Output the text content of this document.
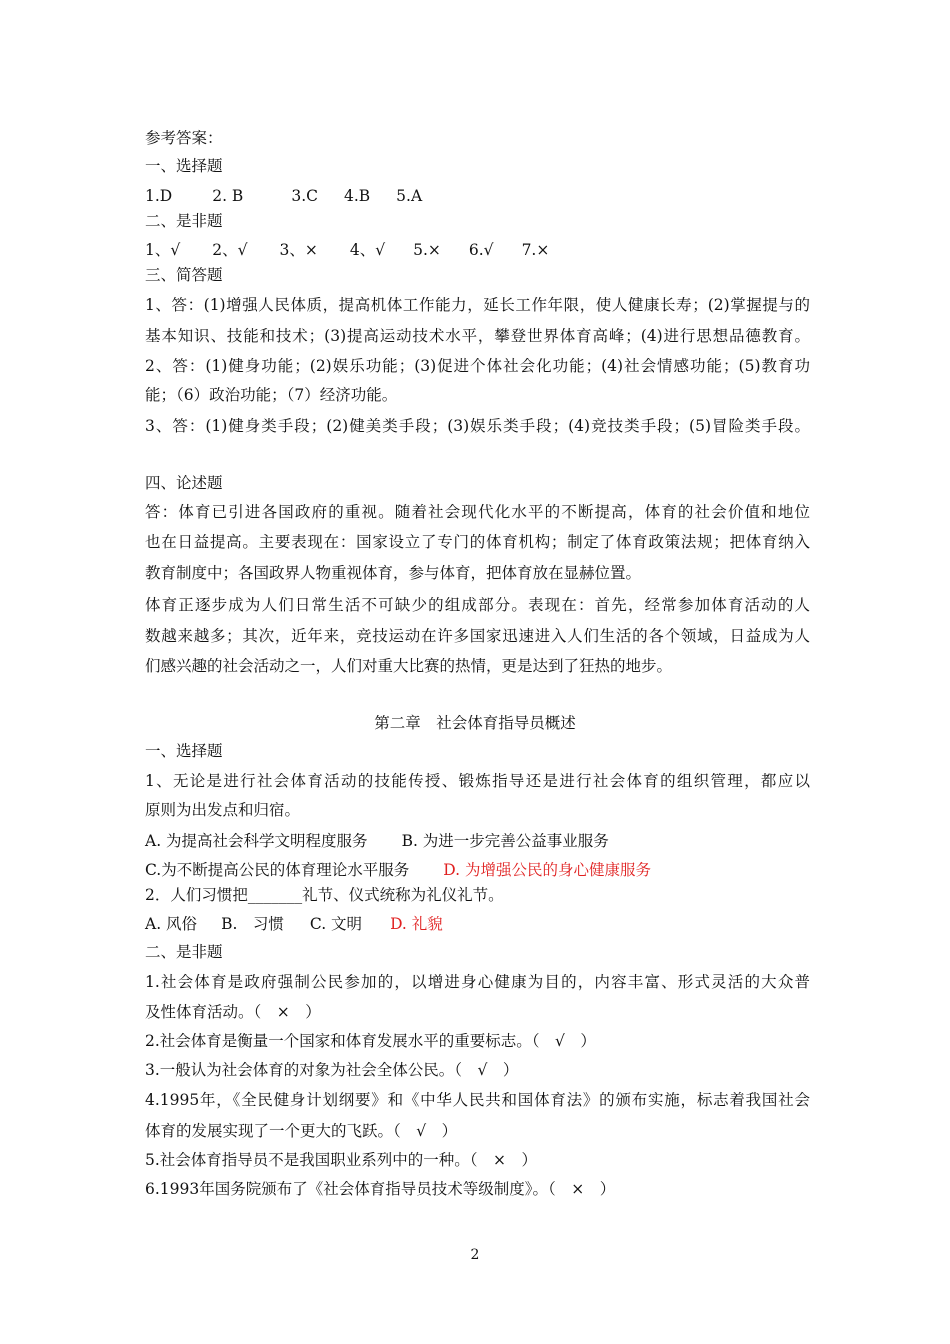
参考答案：
一、选择题
1.D	2. B	3.C 4.B 5.A
二、是非题
1、√ 2、√ 3、× 4、√ 5.× 6.√ 7.×
三、简答题
1、答：(1)增强人民体质，提高机体工作能力，延长工作年限，使人健康长寿；(2)掌握提与的
基本知识、技能和技术；(3)提高运动技术水平，攀登世界体育高峰；(4)进行思想品德教育。
2、答：(1)健身功能；(2)娱乐功能；(3)促进个体社会化功能；(4)社会情感功能；(5)教育功
能；（6）政治功能；（7）经济功能。
3、答：(1)健身类手段；(2)健美类手段；(3)娱乐类手段；(4)竞技类手段；(5)冒险类手段。
四、论述题
答：体育已引进各国政府的重视。随着社会现代化水平的不断提高，体育的社会价值和地位
也在日益提高。主要表现在：国家设立了专门的体育机构；制定了体育政策法规；把体育纳入
教育制度中；各国政界人物重视体育，参与体育，把体育放在显赫位置。
体育正逐步成为人们日常生活不可缺少的组成部分。表现在：首先，经常参加体育活动的人
数越来越多；其次，近年来，竞技运动在许多国家迅速进入人们生活的各个领域，日益成为人
们感兴趣的社会活动之一，人们对重大比赛的热情，更是达到了狂热的地步。
第二章　社会体育指导员概述
一、选择题
1、无论是进行社会体育活动的技能传授、锻炼指导还是进行社会体育的组织管理，都应以
原则为出发点和归宿。
A. 为提高社会科学文明程度服务 B. 为进一步完善公益事业服务
C.为不断提高公民的体育理论水平服务 D. 为增强公民的身心健康服务
2．人们习惯把_______礼节、仪式统称为礼仪礼节。
A. 风俗 B.　习惯 C. 文明 D. 礼貌
二、是非题
1.社会体育是政府强制公民参加的，以增进身心健康为目的，内容丰富、形式灵活的大众普
及性体育活动。（　×　）
2.社会体育是衡量一个国家和体育发展水平的重要标志。（　√　）
3.一般认为社会体育的对象为社会全体公民。（　√　）
4.1995年，《全民健身计划纲要》和《中华人民共和国体育法》的颁布实施，标志着我国社会
体育的发展实现了一个更大的飞跃。（　√　）
5.社会体育指导员不是我国职业系列中的一种。（　×　）
6.1993年国务院颁布了《社会体育指导员技术等级制度》。（　×　）
2
